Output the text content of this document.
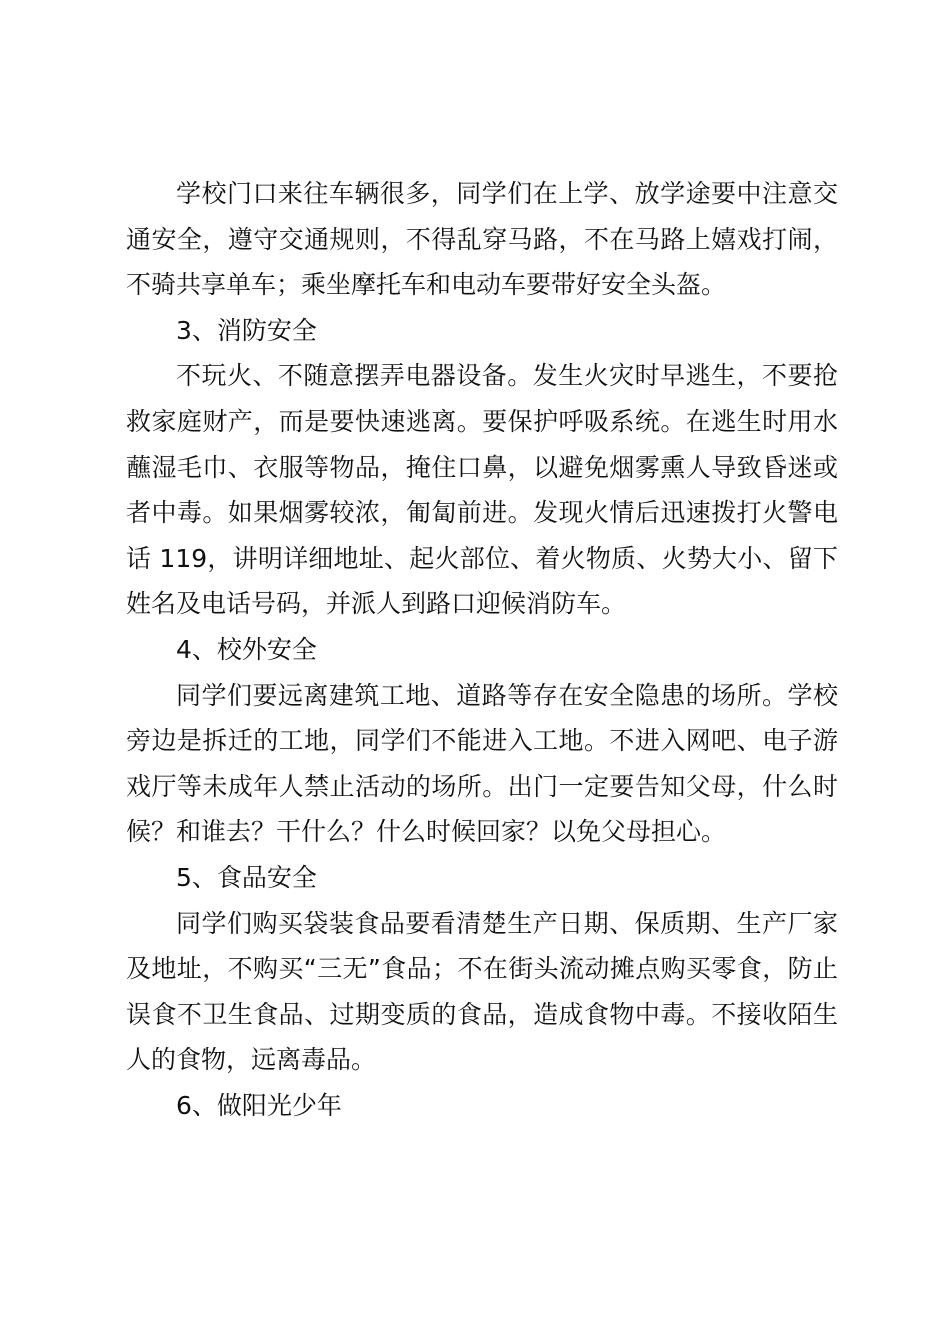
学校门口来往车辆很多，同学们在上学、放学途要中注意交通安全，遵守交通规则，不得乱穿马路，不在马路上嬉戏打闹，不骑共享单车；乘坐摩托车和电动车要带好安全头盔。

3、消防安全

不玩火、不随意摆弄电器设备。发生火灾时早逃生，不要抢救家庭财产，而是要快速逃离。要保护呼吸系统。在逃生时用水蘸湿毛巾、衣服等物品，掩住口鼻，以避免烟雾熏人导致昏迷或者中毒。如果烟雾较浓，匍匐前进。发现火情后迅速拨打火警电话 119，讲明详细地址、起火部位、着火物质、火势大小、留下姓名及电话号码，并派人到路口迎候消防车。

4、校外安全

同学们要远离建筑工地、道路等存在安全隐患的场所。学校旁边是拆迁的工地，同学们不能进入工地。不进入网吧、电子游戏厅等未成年人禁止活动的场所。出门一定要告知父母，什么时候？和谁去？干什么？什么时候回家？以免父母担心。

5、食品安全

同学们购买袋装食品要看清楚生产日期、保质期、生产厂家及地址，不购买“三无”食品；不在街头流动摊点购买零食，防止误食不卫生食品、过期变质的食品，造成食物中毒。不接收陌生人的食物，远离毒品。

6、做阳光少年
